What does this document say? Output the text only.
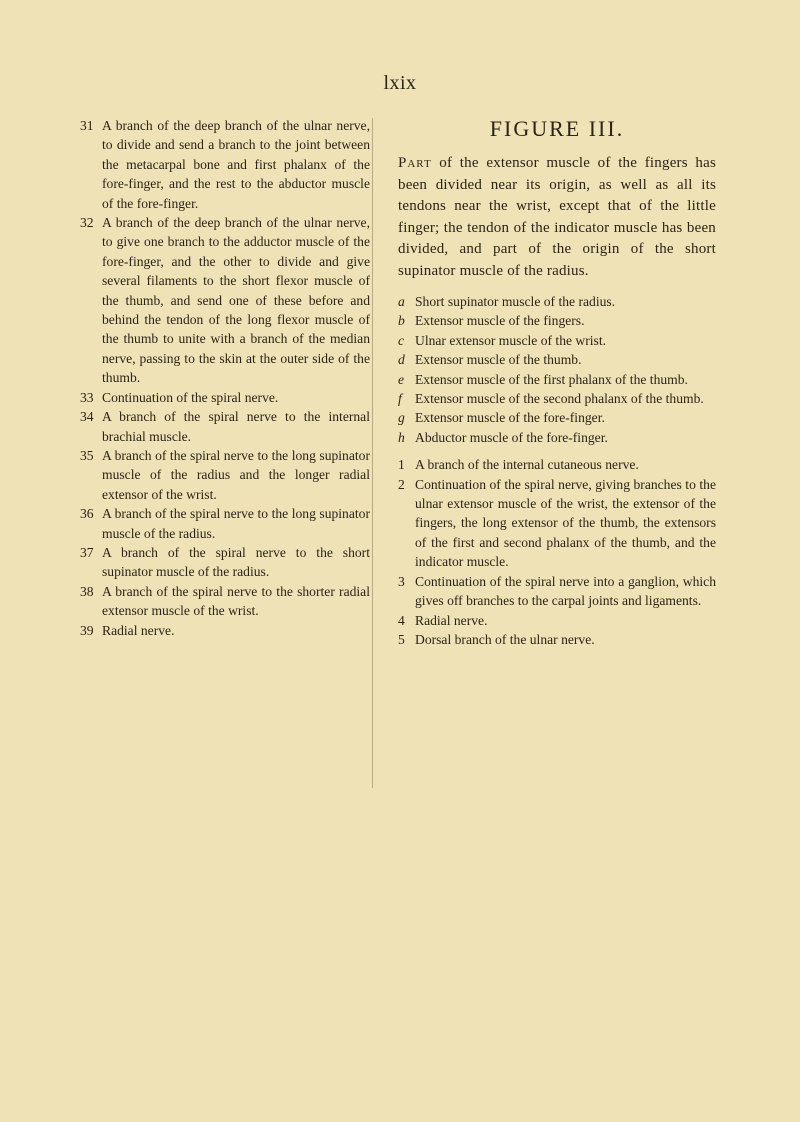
lxix
31 A branch of the deep branch of the ulnar nerve, to divide and send a branch to the joint between the metacarpal bone and first phalanx of the fore-finger, and the rest to the abductor muscle of the fore-finger.
32 A branch of the deep branch of the ulnar nerve, to give one branch to the adductor muscle of the fore-finger, and the other to divide and give several filaments to the short flexor muscle of the thumb, and send one of these before and behind the tendon of the long flexor muscle of the thumb to unite with a branch of the median nerve, passing to the skin at the outer side of the thumb.
33 Continuation of the spiral nerve.
34 A branch of the spiral nerve to the internal brachial muscle.
35 A branch of the spiral nerve to the long supinator muscle of the radius and the longer radial extensor of the wrist.
36 A branch of the spiral nerve to the long supinator muscle of the radius.
37 A branch of the spiral nerve to the short supinator muscle of the radius.
38 A branch of the spiral nerve to the shorter radial extensor muscle of the wrist.
39 Radial nerve.
FIGURE III.
Part of the extensor muscle of the fingers has been divided near its origin, as well as all its tendons near the wrist, except that of the little finger; the tendon of the indicator muscle has been divided, and part of the origin of the short supinator muscle of the radius.
a Short supinator muscle of the radius.
b Extensor muscle of the fingers.
c Ulnar extensor muscle of the wrist.
d Extensor muscle of the thumb.
e Extensor muscle of the first phalanx of the thumb.
f Extensor muscle of the second phalanx of the thumb.
g Extensor muscle of the fore-finger.
h Abductor muscle of the fore-finger.
1 A branch of the internal cutaneous nerve.
2 Continuation of the spiral nerve, giving branches to the ulnar extensor muscle of the wrist, the extensor of the fingers, the long extensor of the thumb, the extensors of the first and second phalanx of the thumb, and the indicator muscle.
3 Continuation of the spiral nerve into a ganglion, which gives off branches to the carpal joints and ligaments.
4 Radial nerve.
5 Dorsal branch of the ulnar nerve.
